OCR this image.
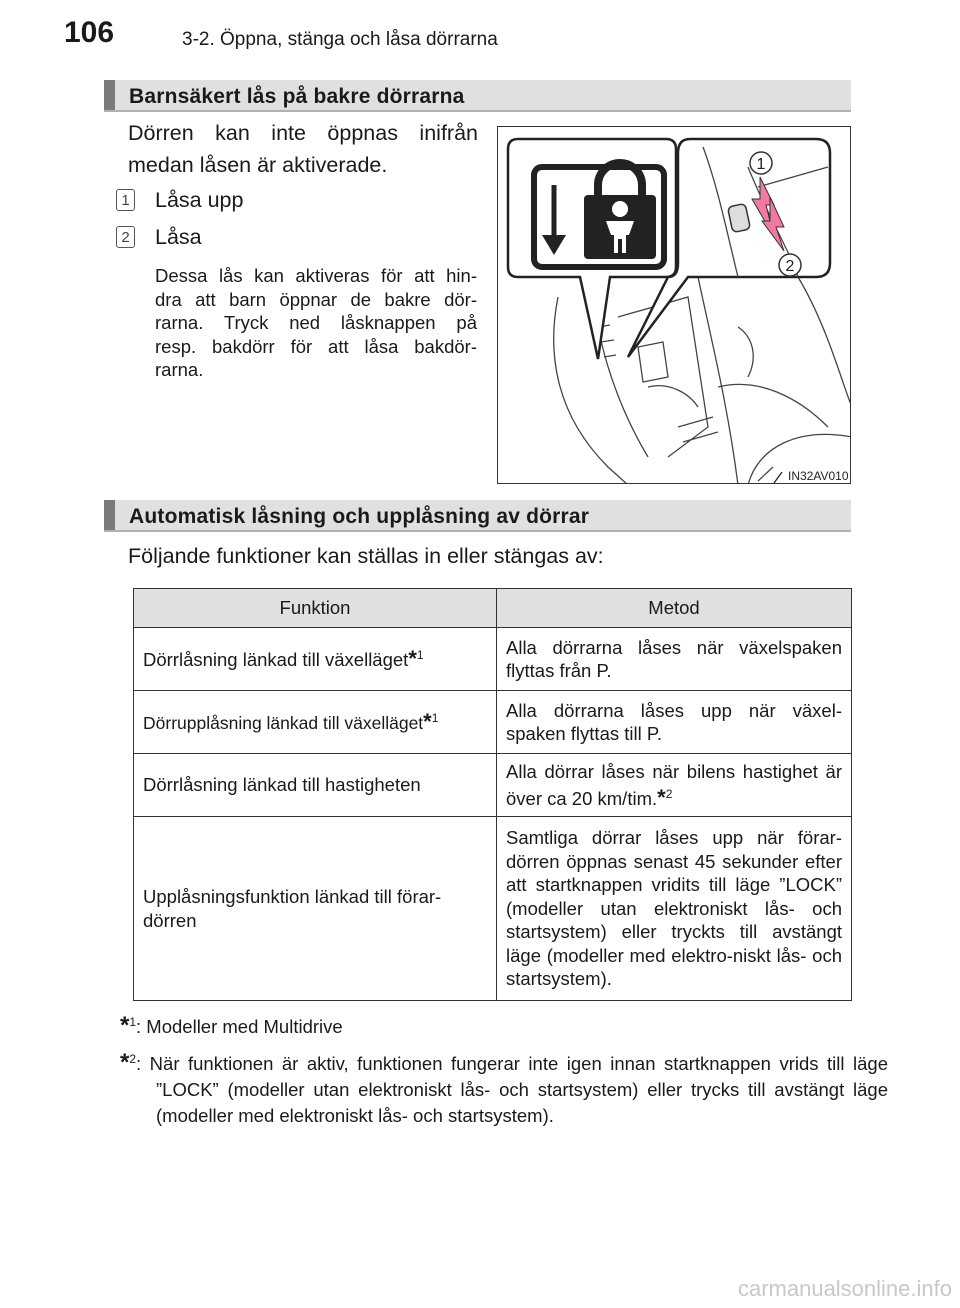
106	3-2. Öppna, stänga och låsa dörrarna
Barnsäkert lås på bakre dörrarna
Dörren kan inte öppnas inifrån
medan låsen är aktiverade.
1 Låsa upp
2 Låsa
Dessa lås kan aktiveras för att hin-
dra att barn öppnar de bakre dör-
rarna. Tryck ned låsknappen på
resp. bakdörr för att låsa bakdör-
rarna.
1
2
IN32AV010
Automatisk låsning och upplåsning av dörrar
Följande funktioner kan ställas in eller stängas av:
Funktion	Metod
Dörrlåsning länkad till växelläget*$^1$	Alla dörrarna låses när växelspaken flyttas från P.
Dörrupplåsning länkad till växelläget*$^1$	Alla dörrarna låses upp när växel-spaken flyttas till P.
Dörrlåsning länkad till hastigheten	Alla dörrar låses när bilens hastighet är över ca 20 km/tim.*$^2$
Upplåsningsfunktion länkad till förar-dörren	Samtliga dörrar låses upp när förar-dörren öppnas senast 45 sekunder efter att startknappen vridits till läge ”LOCK” (modeller utan elektroniskt lås- och startsystem) eller tryckts till avstängt läge (modeller med elektro-niskt lås- och startsystem).
*$^1$: Modeller med Multidrive
*$^2$: När funktionen är aktiv, funktionen fungerar inte igen innan startknappen vrids till läge ”LOCK” (modeller utan elektroniskt lås- och startsystem) eller trycks till avstängt läge (modeller med elektroniskt lås- och startsystem).
carmanualsonline.info
